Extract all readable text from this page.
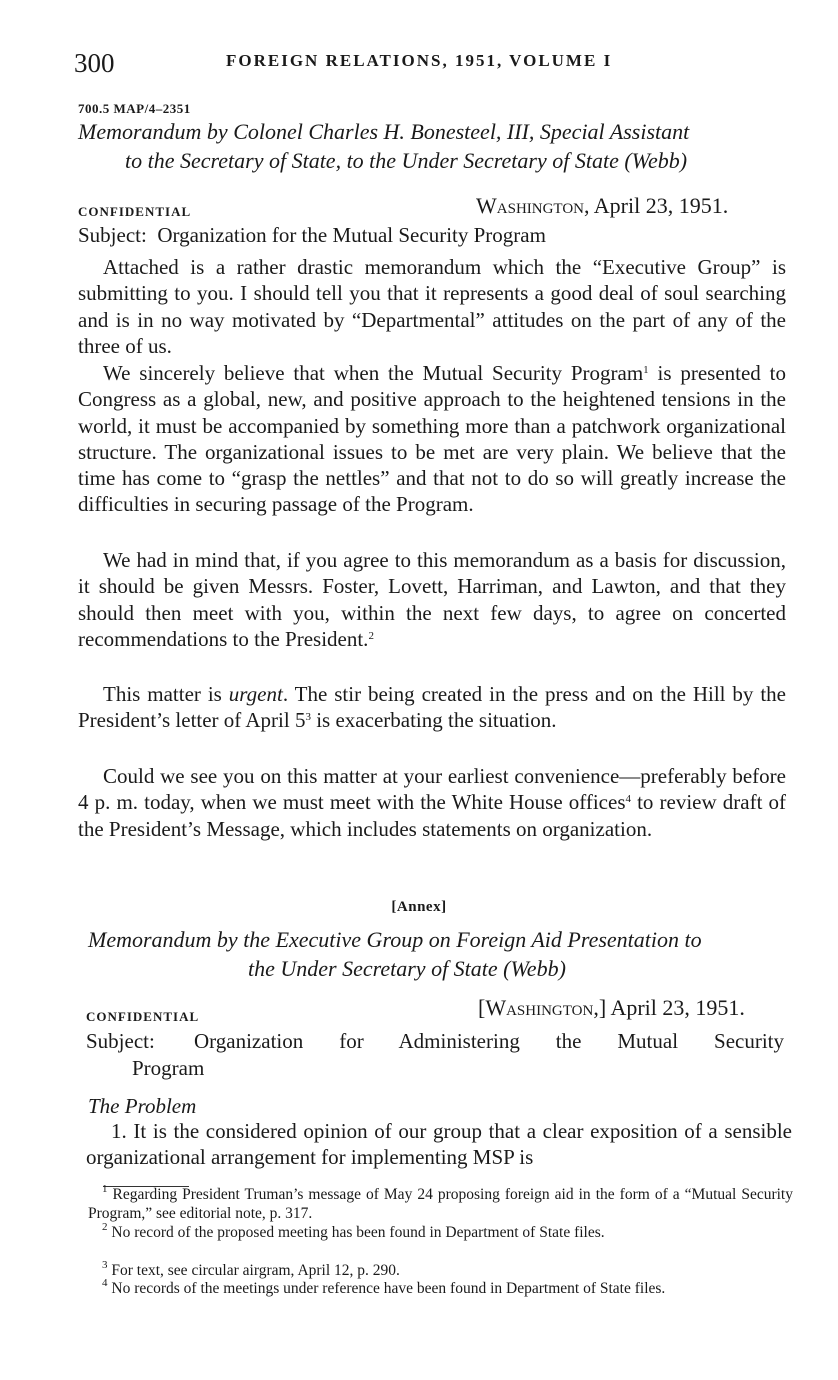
300	FOREIGN RELATIONS, 1951, VOLUME I
700.5 MAP/4–2351
Memorandum by Colonel Charles H. Bonesteel, III, Special Assistant
to the Secretary of State, to the Under Secretary of State (Webb)
CONFIDENTIAL	Washington, April 23, 1951.
Subject: Organization for the Mutual Security Program
Attached is a rather drastic memorandum which the “Executive Group” is submitting to you. I should tell you that it represents a good deal of soul searching and is in no way motivated by “Departmental” attitudes on the part of any of the three of us.
We sincerely believe that when the Mutual Security Program$^1$ is presented to Congress as a global, new, and positive approach to the heightened tensions in the world, it must be accompanied by something more than a patchwork organizational structure. The organizational issues to be met are very plain. We believe that the time has come to “grasp the nettles” and that not to do so will greatly increase the difficulties in securing passage of the Program.
We had in mind that, if you agree to this memorandum as a basis for discussion, it should be given Messrs. Foster, Lovett, Harriman, and Lawton, and that they should then meet with you, within the next few days, to agree on concerted recommendations to the President.$^2$
This matter is urgent. The stir being created in the press and on the Hill by the President’s letter of April $5^3$ is exacerbating the situation.
Could we see you on this matter at your earliest convenience—preferably before 4 p. m. today, when we must meet with the White House offices$^4$ to review draft of the President’s Message, which includes statements on organization.
[Annex]
Memorandum by the Executive Group on Foreign Aid Presentation to
the Under Secretary of State (Webb)
CONFIDENTIAL	[Washington,] April 23, 1951.
Subject: Organization for Administering the Mutual Security
Program
The Problem
1. It is the considered opinion of our group that a clear exposition of a sensible organizational arrangement for implementing MSP is
$^1$ Regarding President Truman’s message of May 24 proposing foreign aid in the form of a “Mutual Security Program,” see editorial note, p. 317.
$^2$ No record of the proposed meeting has been found in Department of State files.
$^3$ For text, see circular airgram, April 12, p. 290.
$^4$ No records of the meetings under reference have been found in Department of State files.
